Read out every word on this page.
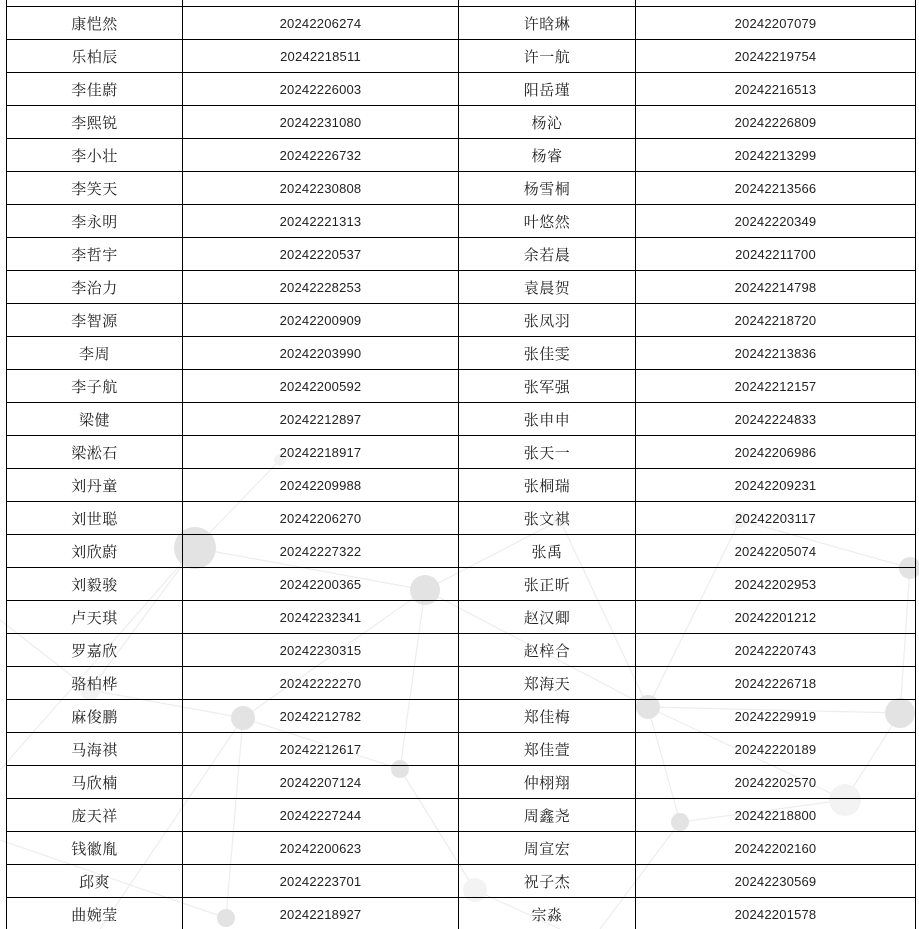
康恺然	20242206274	许晗琳	20242207079
乐柏辰	20242218511	许一航	20242219754
李佳蔚	20242226003	阳岳瑾	20242216513
李熙锐	20242231080	杨沁	20242226809
李小壮	20242226732	杨睿	20242213299
李笑天	20242230808	杨雪桐	20242213566
李永明	20242221313	叶悠然	20242220349
李哲宇	20242220537	余若晨	20242211700
李治力	20242228253	袁晨贺	20242214798
李智源	20242200909	张凤羽	20242218720
李周	20242203990	张佳雯	20242213836
李子航	20242200592	张军强	20242212157
梁健	20242212897	张申申	20242224833
梁淞石	20242218917	张天一	20242206986
刘丹童	20242209988	张桐瑞	20242209231
刘世聪	20242206270	张文祺	20242203117
刘欣蔚	20242227322	张禹	20242205074
刘毅骏	20242200365	张正昕	20242202953
卢天琪	20242232341	赵汉卿	20242201212
罗嘉欣	20242230315	赵梓合	20242220743
骆柏桦	20242222270	郑海天	20242226718
麻俊鹏	20242212782	郑佳梅	20242229919
马海祺	20242212617	郑佳萱	20242220189
马欣楠	20242207124	仲栩翔	20242202570
庞天祥	20242227244	周鑫尧	20242218800
钱徽胤	20242200623	周宣宏	20242202160
邱爽	20242223701	祝子杰	20242230569
曲婉莹	20242218927	宗淼	20242201578
